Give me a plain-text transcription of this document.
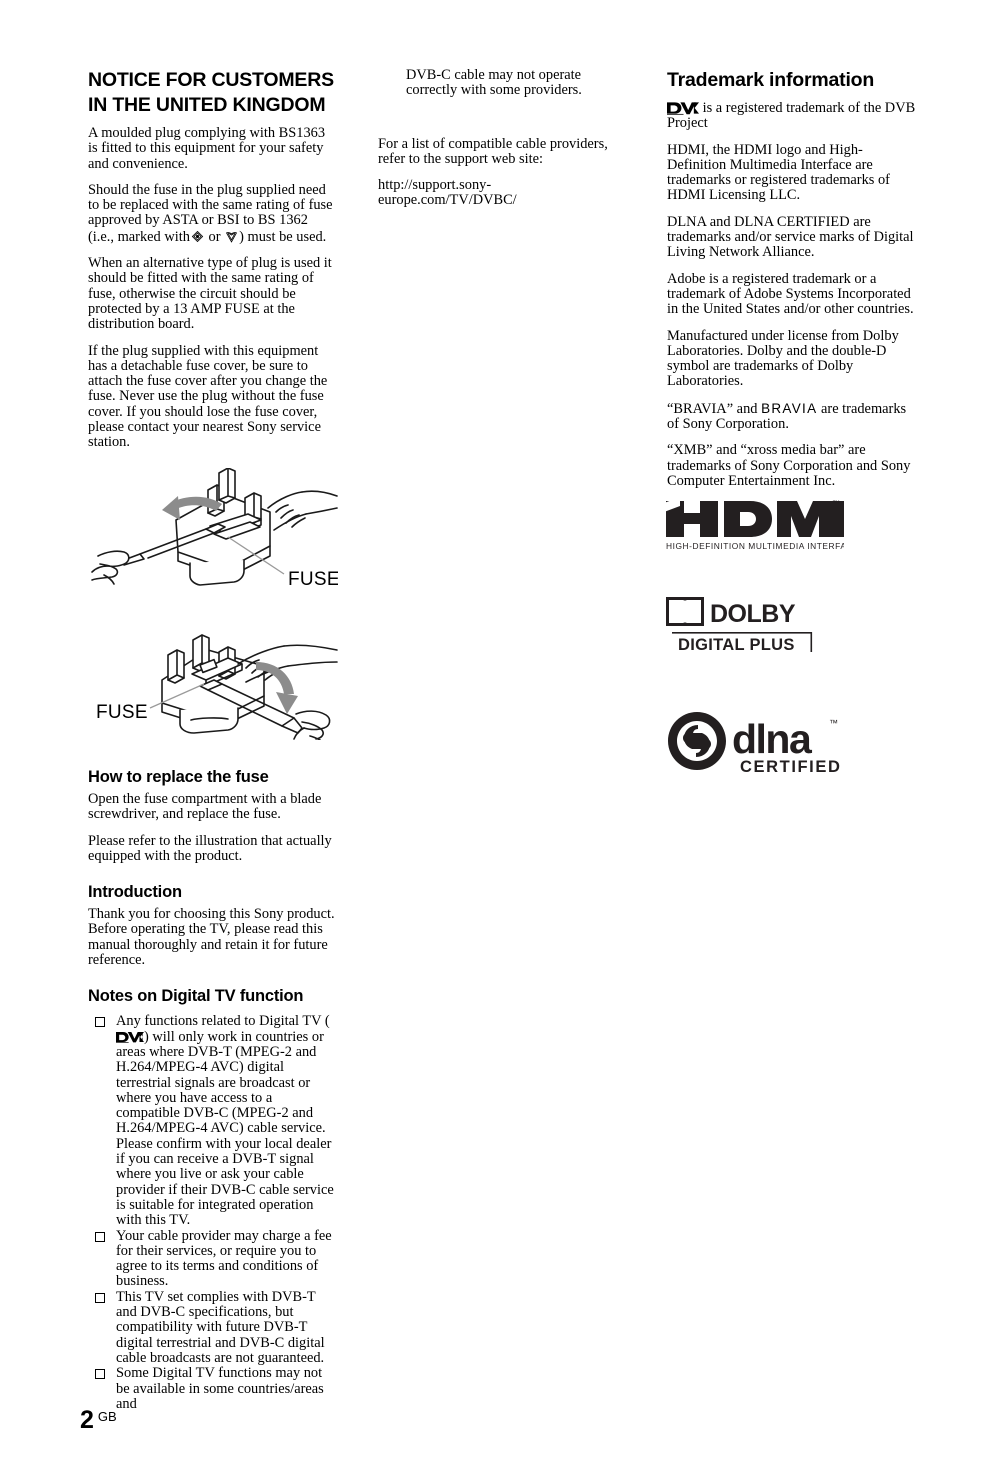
NOTICE FOR CUSTOMERS IN THE UNITED KINGDOM

A moulded plug complying with BS1363 is fitted to this equipment for your safety and convenience.

Should the fuse in the plug supplied need to be replaced with the same rating of fuse approved by ASTA or BSI to BS 1362 (i.e., marked with or ) must be used.

When an alternative type of plug is used it should be fitted with the same rating of fuse, otherwise the circuit should be protected by a 13 AMP FUSE at the distribution board.

If the plug supplied with this equipment has a detachable fuse cover, be sure to attach the fuse cover after you change the fuse. Never use the plug without the fuse cover. If you should lose the fuse cover, please contact your nearest Sony service station.

FUSE
FUSE
How to replace the fuse

Open the fuse compartment with a blade screwdriver, and replace the fuse.

Please refer to the illustration that actually equipped with the product.

Introduction

Thank you for choosing this Sony product. Before operating the TV, please read this manual thoroughly and retain it for future reference.

Notes on Digital TV function
Any functions related to Digital TV (
) will only work in countries or areas where DVB-T (MPEG-2 and H.264/MPEG-4 AVC) digital terrestrial signals are broadcast or where you have access to a compatible DVB-C (MPEG-2 and H.264/MPEG-4 AVC) cable service. Please confirm with your local dealer if you can receive a DVB-T signal where you live or ask your cable provider if their DVB-C cable service is suitable for integrated operation with this TV.
Your cable provider may charge a fee for their services, or require you to agree to its terms and conditions of business.
This TV set complies with DVB-T and DVB-C specifications, but compatibility with future DVB-T digital terrestrial and DVB-C digital cable broadcasts are not guaranteed.
Some Digital TV functions may not be available in some countries/areas and

DVB-C cable may not operate correctly with some providers.

For a list of compatible cable providers, refer to the support web site:

http://support.sony-europe.com/TV/DVBC/

Trademark information

is a registered trademark of the DVB Project

HDMI, the HDMI logo and High-Definition Multimedia Interface are trademarks or registered trademarks of HDMI Licensing LLC.

DLNA and DLNA CERTIFIED are trademarks and/or service marks of Digital Living Network Alliance.

Adobe is a registered trademark or a trademark of Adobe Systems Incorporated in the United States and/or other countries.

Manufactured under license from Dolby Laboratories. Dolby and the double-D symbol are trademarks of Dolby Laboratories.

“BRAVIA” and BRAVIA are trademarks of Sony Corporation.

“XMB” and “xross media bar” are trademarks of Sony Corporation and Sony Computer Entertainment Inc.

™
HIGH-DEFINITION MULTIMEDIA INTERFACE
DOLBY
DIGITAL PLUS
dlna ™
CERTIFIED
2 GB
